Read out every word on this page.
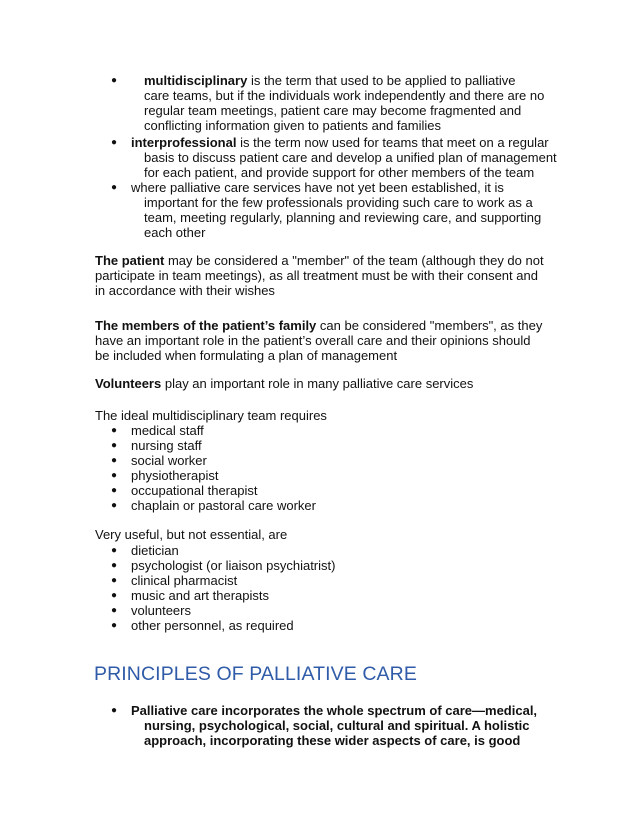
● multidisciplinary is the term that used to be applied to palliative
care teams, but if the individuals work independently and there are no
regular team meetings, patient care may become fragmented and
conflicting information given to patients and families
● interprofessional is the term now used for teams that meet on a regular
basis to discuss patient care and develop a unified plan of management
for each patient, and provide support for other members of the team
● where palliative care services have not yet been established, it is
important for the few professionals providing such care to work as a
team, meeting regularly, planning and reviewing care, and supporting
each other

The patient may be considered a "member" of the team (although they do not
participate in team meetings), as all treatment must be with their consent and
in accordance with their wishes

The members of the patient’s family can be considered "members", as they
have an important role in the patient’s overall care and their opinions should
be included when formulating a plan of management

Volunteers play an important role in many palliative care services

The ideal multidisciplinary team requires

● medical staff
● nursing staff
● social worker
● physiotherapist
● occupational therapist
● chaplain or pastoral care worker

Very useful, but not essential, are

● dietician
● psychologist (or liaison psychiatrist)
● clinical pharmacist
● music and art therapists
● volunteers
● other personnel, as required
PRINCIPLES OF PALLIATIVE CARE
● Palliative care incorporates the whole spectrum of care—medical,
nursing, psychological, social, cultural and spiritual. A holistic
approach, incorporating these wider aspects of care, is good
